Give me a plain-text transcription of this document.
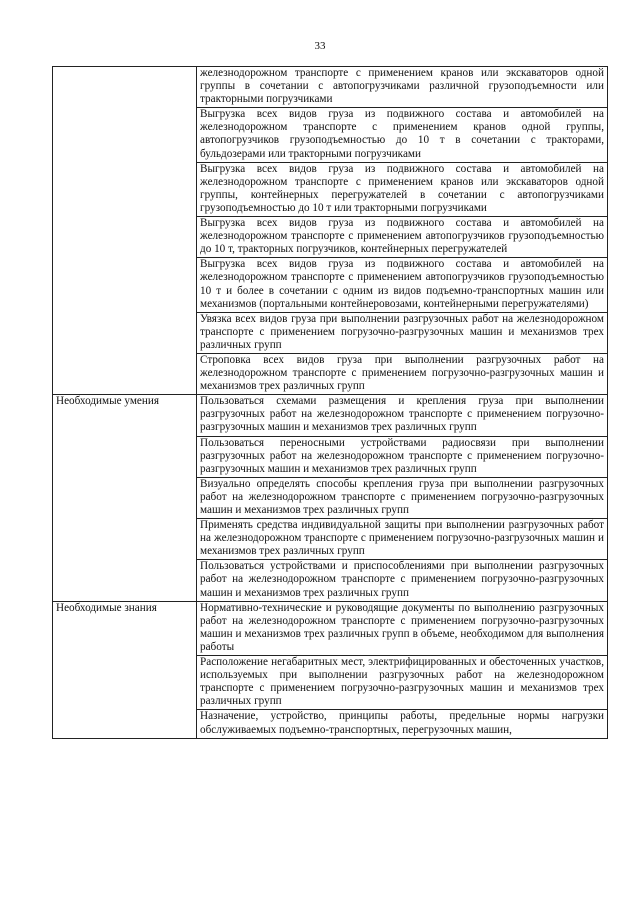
33
	железнодорожном транспорте с применением кранов или экскаваторов одной группы в сочетании с автопогрузчиками различной грузоподъемности или тракторными погрузчиками
	Выгрузка всех видов груза из подвижного состава и автомобилей на железнодорожном транспорте с применением кранов одной группы, автопогрузчиков грузоподъемностью до 10 т в сочетании с тракторами, бульдозерами или тракторными погрузчиками
	Выгрузка всех видов груза из подвижного состава и автомобилей на железнодорожном транспорте с применением кранов или экскаваторов одной группы, контейнерных перегружателей в сочетании с автопогрузчиками грузоподъемностью до 10 т или тракторными погрузчиками
	Выгрузка всех видов груза из подвижного состава и автомобилей на железнодорожном транспорте с применением автопогрузчиков грузоподъемностью до 10 т, тракторных погрузчиков, контейнерных перегружателей
	Выгрузка всех видов груза из подвижного состава и автомобилей на железнодорожном транспорте с применением автопогрузчиков грузоподъемностью 10 т и более в сочетании с одним из видов подъемно-транспортных машин или механизмов (портальными контейнеровозами, контейнерными перегружателями)
	Увязка всех видов груза при выполнении разгрузочных работ на железнодорожном транспорте с применением погрузочно-разгрузочных машин и механизмов трех различных групп
	Строповка всех видов груза при выполнении разгрузочных работ на железнодорожном транспорте с применением погрузочно-разгрузочных машин и механизмов трех различных групп
Необходимые умения	Пользоваться схемами размещения и крепления груза при выполнении разгрузочных работ на железнодорожном транспорте с применением погрузочно-разгрузочных машин и механизмов трех различных групп
	Пользоваться переносными устройствами радиосвязи при выполнении разгрузочных работ на железнодорожном транспорте с применением погрузочно-разгрузочных машин и механизмов трех различных групп
	Визуально определять способы крепления груза при выполнении разгрузочных работ на железнодорожном транспорте с применением погрузочно-разгрузочных машин и механизмов трех различных групп
	Применять средства индивидуальной защиты при выполнении разгрузочных работ на железнодорожном транспорте с применением погрузочно-разгрузочных машин и механизмов трех различных групп
	Пользоваться устройствами и приспособлениями при выполнении разгрузочных работ на железнодорожном транспорте с применением погрузочно-разгрузочных машин и механизмов трех различных групп
Необходимые знания	Нормативно-технические и руководящие документы по выполнению разгрузочных работ на железнодорожном транспорте с применением погрузочно-разгрузочных машин и механизмов трех различных групп в объеме, необходимом для выполнения работы
	Расположение негабаритных мест, электрифицированных и обесточенных участков, используемых при выполнении разгрузочных работ на железнодорожном транспорте с применением погрузочно-разгрузочных машин и механизмов трех различных групп
	Назначение, устройство, принципы работы, предельные нормы нагрузки обслуживаемых подъемно-транспортных, перегрузочных машин,
